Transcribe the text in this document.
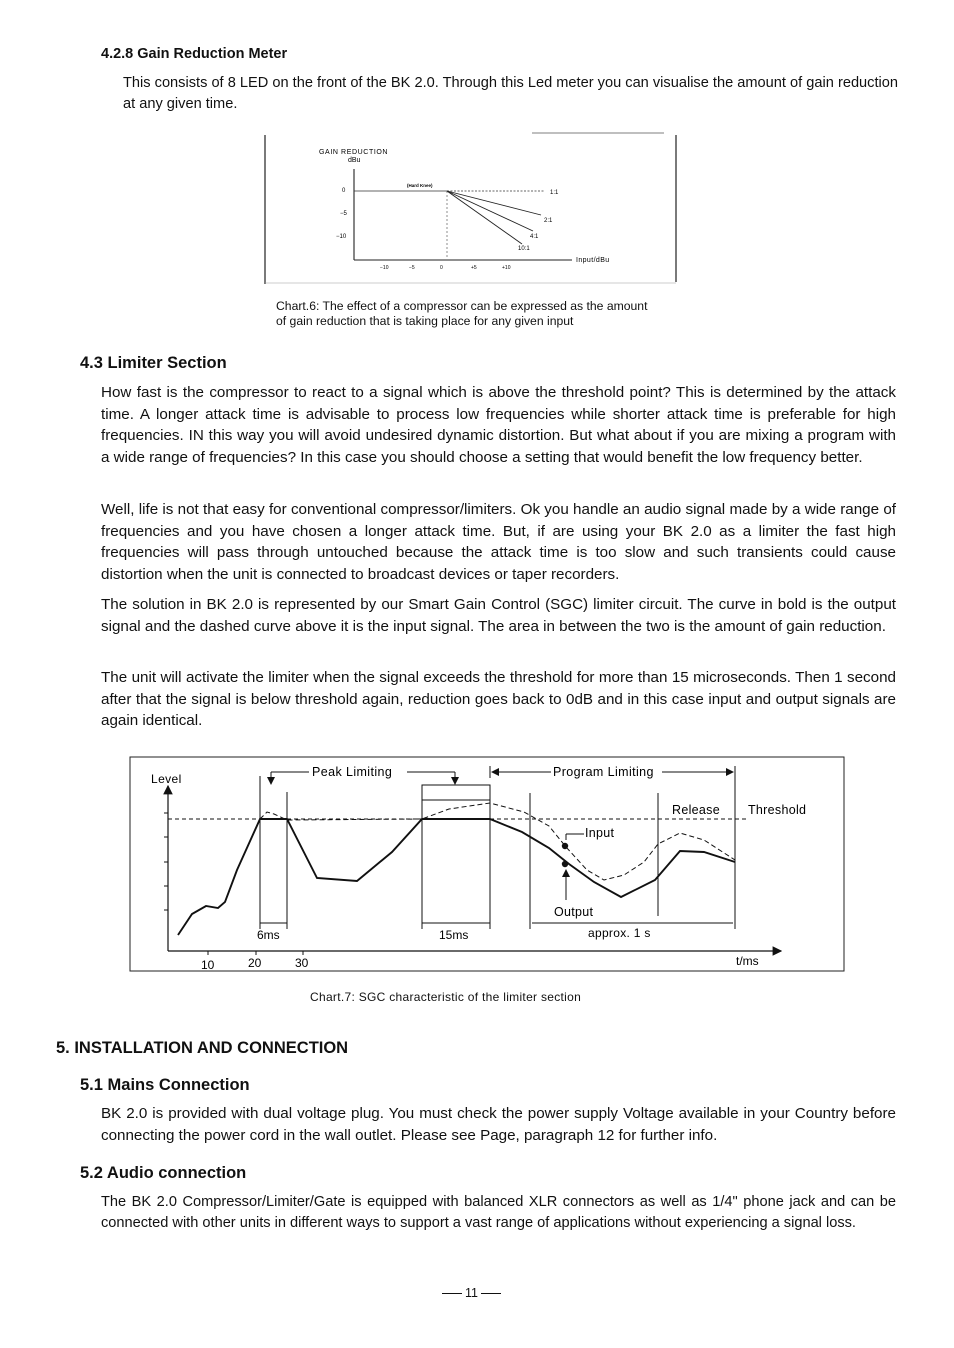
4.2.8 Gain Reduction Meter

This consists of 8 LED on the front of the BK 2.0. Through this Led meter you can visualise the amount of gain reduction at any given time.

GAIN REDUCTION
dBu
0
−5
−10
(Hard Knee)
1:1
2:1
4:1
10:1
−10	−5	0	+5	+10
Input/dBu
Chart.6: The effect of a compressor can be expressed as the amount
of gain reduction that is taking place for any given input
4.3 Limiter Section

How fast is the compressor to react to a signal which is above the threshold point? This is determined by the attack time. A longer attack time is advisable to process low frequencies while shorter attack time is preferable for high frequencies. IN this way you will avoid undesired dynamic distortion. But what about if you are mixing a program with a wide range of frequencies? In this case you should choose a setting that would benefit the low frequency better.

Well, life is not that easy for conventional compressor/limiters. Ok you handle an audio signal made by a wide range of frequencies and you have chosen a longer attack time. But, if are using your BK 2.0 as a limiter the fast high frequencies will pass through untouched because the attack time is too slow and such transients could cause distortion when the unit is connected to broadcast devices or taper recorders.

The solution in BK 2.0 is represented by our Smart Gain Control (SGC) limiter circuit. The curve in bold is the output signal and the dashed curve above it is the input signal. The area in between the two is the amount of gain reduction.

The unit will activate the limiter when the signal exceeds the threshold for more than 15 microseconds. Then 1 second after that the signal is below threshold again, reduction goes back to 0dB and in this case input and output signals are again identical.

Level
10	20	30	t/ms
Threshold
Peak Limiting
6ms	15ms
Program Limiting
Release
approx. 1 s
Input
Output
Chart.7: SGC characteristic of the limiter section
5. INSTALLATION AND CONNECTION
5.1 Mains Connection

BK 2.0 is provided with dual voltage plug. You must check the power supply Voltage available in your Country before connecting the power cord in the wall outlet. Please see Page, paragraph 12 for further info.

5.2 Audio connection

The BK 2.0 Compressor/Limiter/Gate is equipped with balanced XLR connectors as well as 1/4" phone jack and can be connected with other units in different ways to support a vast range of applications without experiencing a signal loss.

11
